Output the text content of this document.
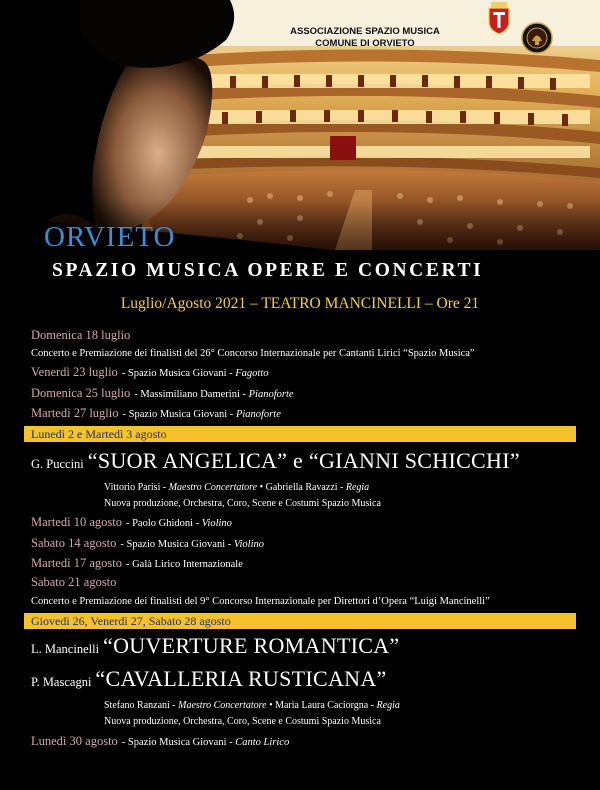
ASSOCIAZIONE SPAZIO MUSICA
COMUNE DI ORVIETO
ORVIETO
SPAZIO MUSICA OPERE E CONCERTI
Luglio/Agosto 2021 – TEATRO MANCINELLI – Ore 21
Domenica 18 luglio
Concerto e Premiazione dei finalisti del 26° Concorso Internazionale per Cantanti Lirici “Spazio Musica”
Venerdì 23 luglio - Spazio Musica Giovani - Fagotto
Domenica 25 luglio - Massimiliano Damerini - Pianoforte
Martedì 27 luglio - Spazio Musica Giovani - Pianoforte
Lunedì 2 e Martedì 3 agosto
G. Puccini “SUOR ANGELICA” e “GIANNI SCHICCHI”
Vittorio Parisi - Maestro Concertatore • Gabriella Ravazzi - Regia
Nuova produzione, Orchestra, Coro, Scene e Costumi Spazio Musica
Martedì 10 agosto - Paolo Ghidoni - Violino
Sabato 14 agosto - Spazio Musica Giovani - Violino
Martedì 17 agosto - Galà Lirico Internazionale
Sabato 21 agosto
Concerto e Premiazione dei finalisti del 9° Concorso Internazionale per Direttori d’Opera “Luigi Mancinelli”
Giovedì 26, Venerdì 27, Sabato 28 agosto
L. Mancinelli “OUVERTURE ROMANTICA”
P. Mascagni “CAVALLERIA RUSTICANA”
Stefano Ranzani - Maestro Concertatore • Maria Laura Caciorgna - Regia
Nuova produzione, Orchestra, Coro, Scene e Costumi Spazio Musica
Lunedì 30 agosto - Spazio Musica Giovani - Canto Lirico
